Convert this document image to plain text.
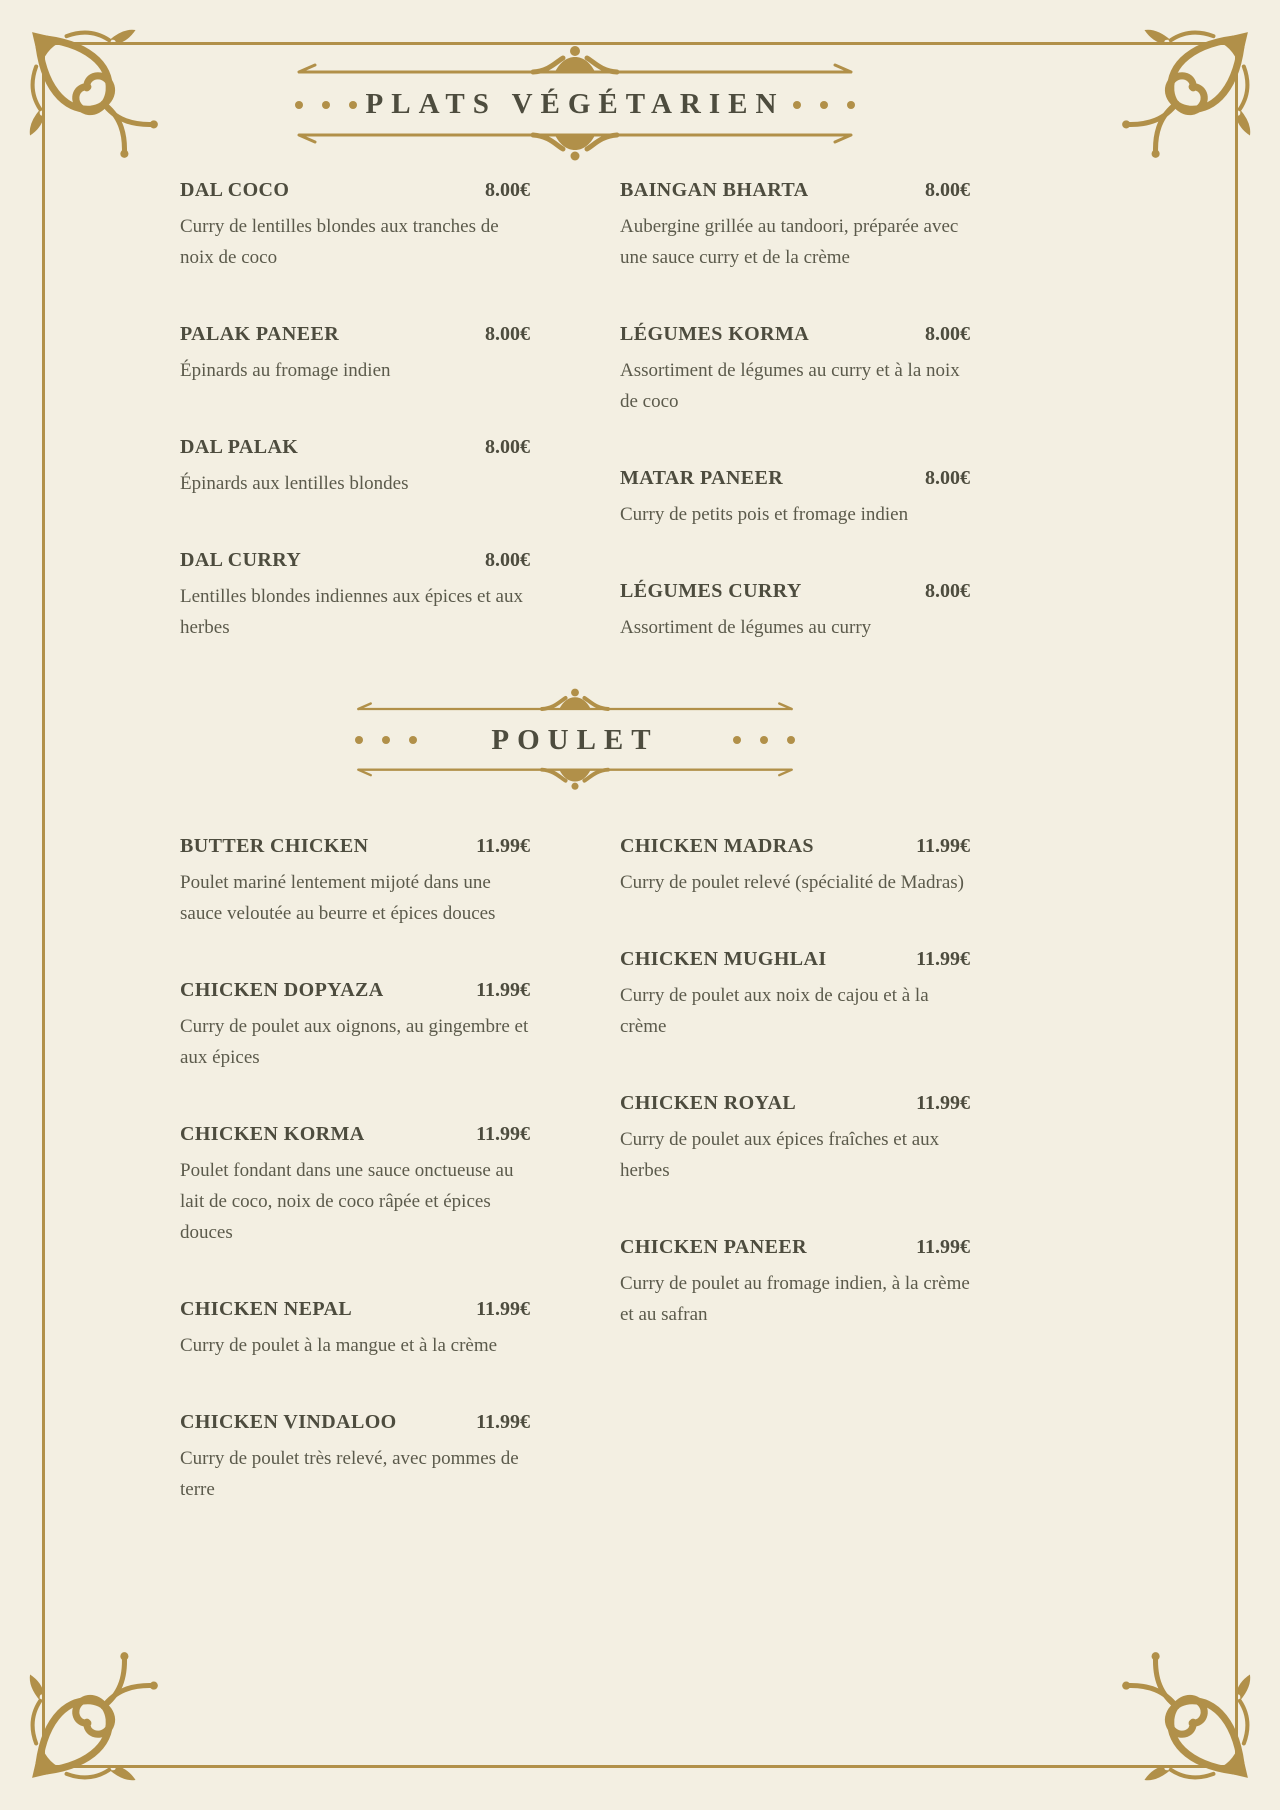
PLATS VÉGÉTARIEN
DAL COCO	8.00€

Curry de lentilles blondes aux tranches de noix de coco

PALAK PANEER	8.00€

Épinards au fromage indien

DAL PALAK	8.00€

Épinards aux lentilles blondes

DAL CURRY	8.00€

Lentilles blondes indiennes aux épices et aux herbes

BAINGAN BHARTA	8.00€

Aubergine grillée au tandoori, préparée avec une sauce curry et de la crème

LÉGUMES KORMA	8.00€

Assortiment de légumes au curry et à la noix de coco

MATAR PANEER	8.00€

Curry de petits pois et fromage indien

LÉGUMES CURRY	8.00€

Assortiment de légumes au curry

POULET
BUTTER CHICKEN	11.99€

Poulet mariné lentement mijoté dans une sauce veloutée au beurre et épices douces

CHICKEN DOPYAZA	11.99€

Curry de poulet aux oignons, au gingembre et aux épices

CHICKEN KORMA	11.99€

Poulet fondant dans une sauce onctueuse au lait de coco, noix de coco râpée et épices douces

CHICKEN NEPAL	11.99€

Curry de poulet à la mangue et à la crème

CHICKEN VINDALOO	11.99€

Curry de poulet très relevé, avec pommes de terre

CHICKEN MADRAS	11.99€

Curry de poulet relevé (spécialité de Madras)

CHICKEN MUGHLAI	11.99€

Curry de poulet aux noix de cajou et à la crème

CHICKEN ROYAL	11.99€

Curry de poulet aux épices fraîches et aux herbes

CHICKEN PANEER	11.99€

Curry de poulet au fromage indien, à la crème et au safran
